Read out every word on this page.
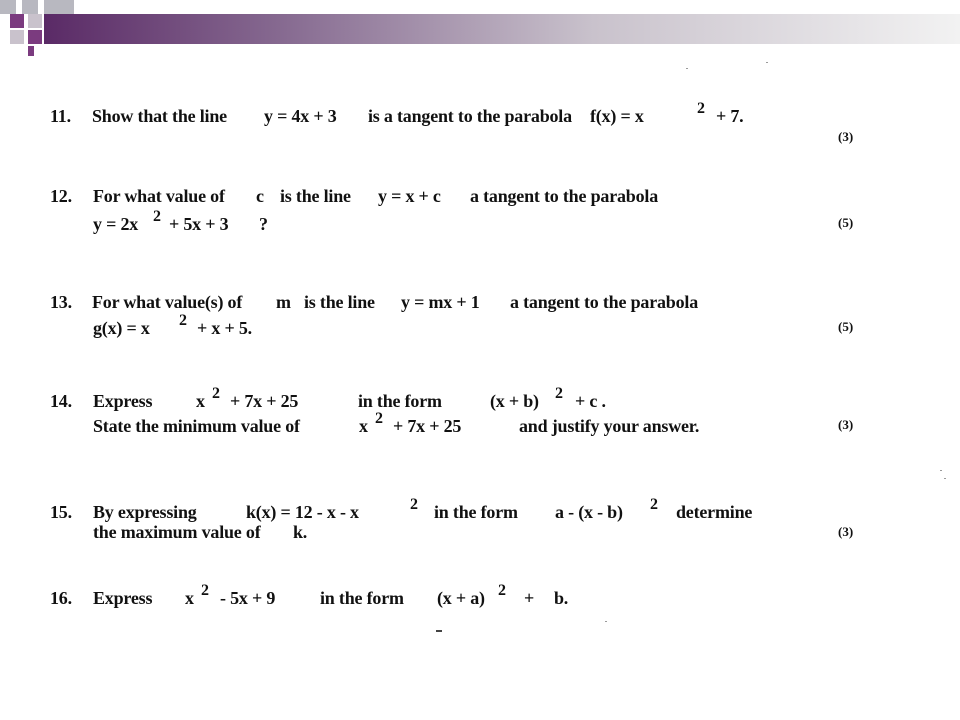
11. Show that the line y = 4x + 3 is a tangent to the parabola f(x) = x	2 + 7.
(3)
12. For what value of c is the line y = x + c a tangent to the parabola
y = 2x 2 + 5x + 3 ?	(5)
13. For what value(s) of m is the line y = mx + 1 a tangent to the parabola
g(x) = x 2 + x + 5.	(5)
14. Express x 2 + 7x + 25	in the form	(x + b) 2 + c .
State the minimum value of	x 2 + 7x + 25	and justify your answer.	(3)
15. By expressing	k(x) = 12 - x - x	2 in the form a - (x - b) 2 determine
the maximum value of k.	(3)
16. Express x 2 - 5x + 9 in the form (x + a) 2 + b.
